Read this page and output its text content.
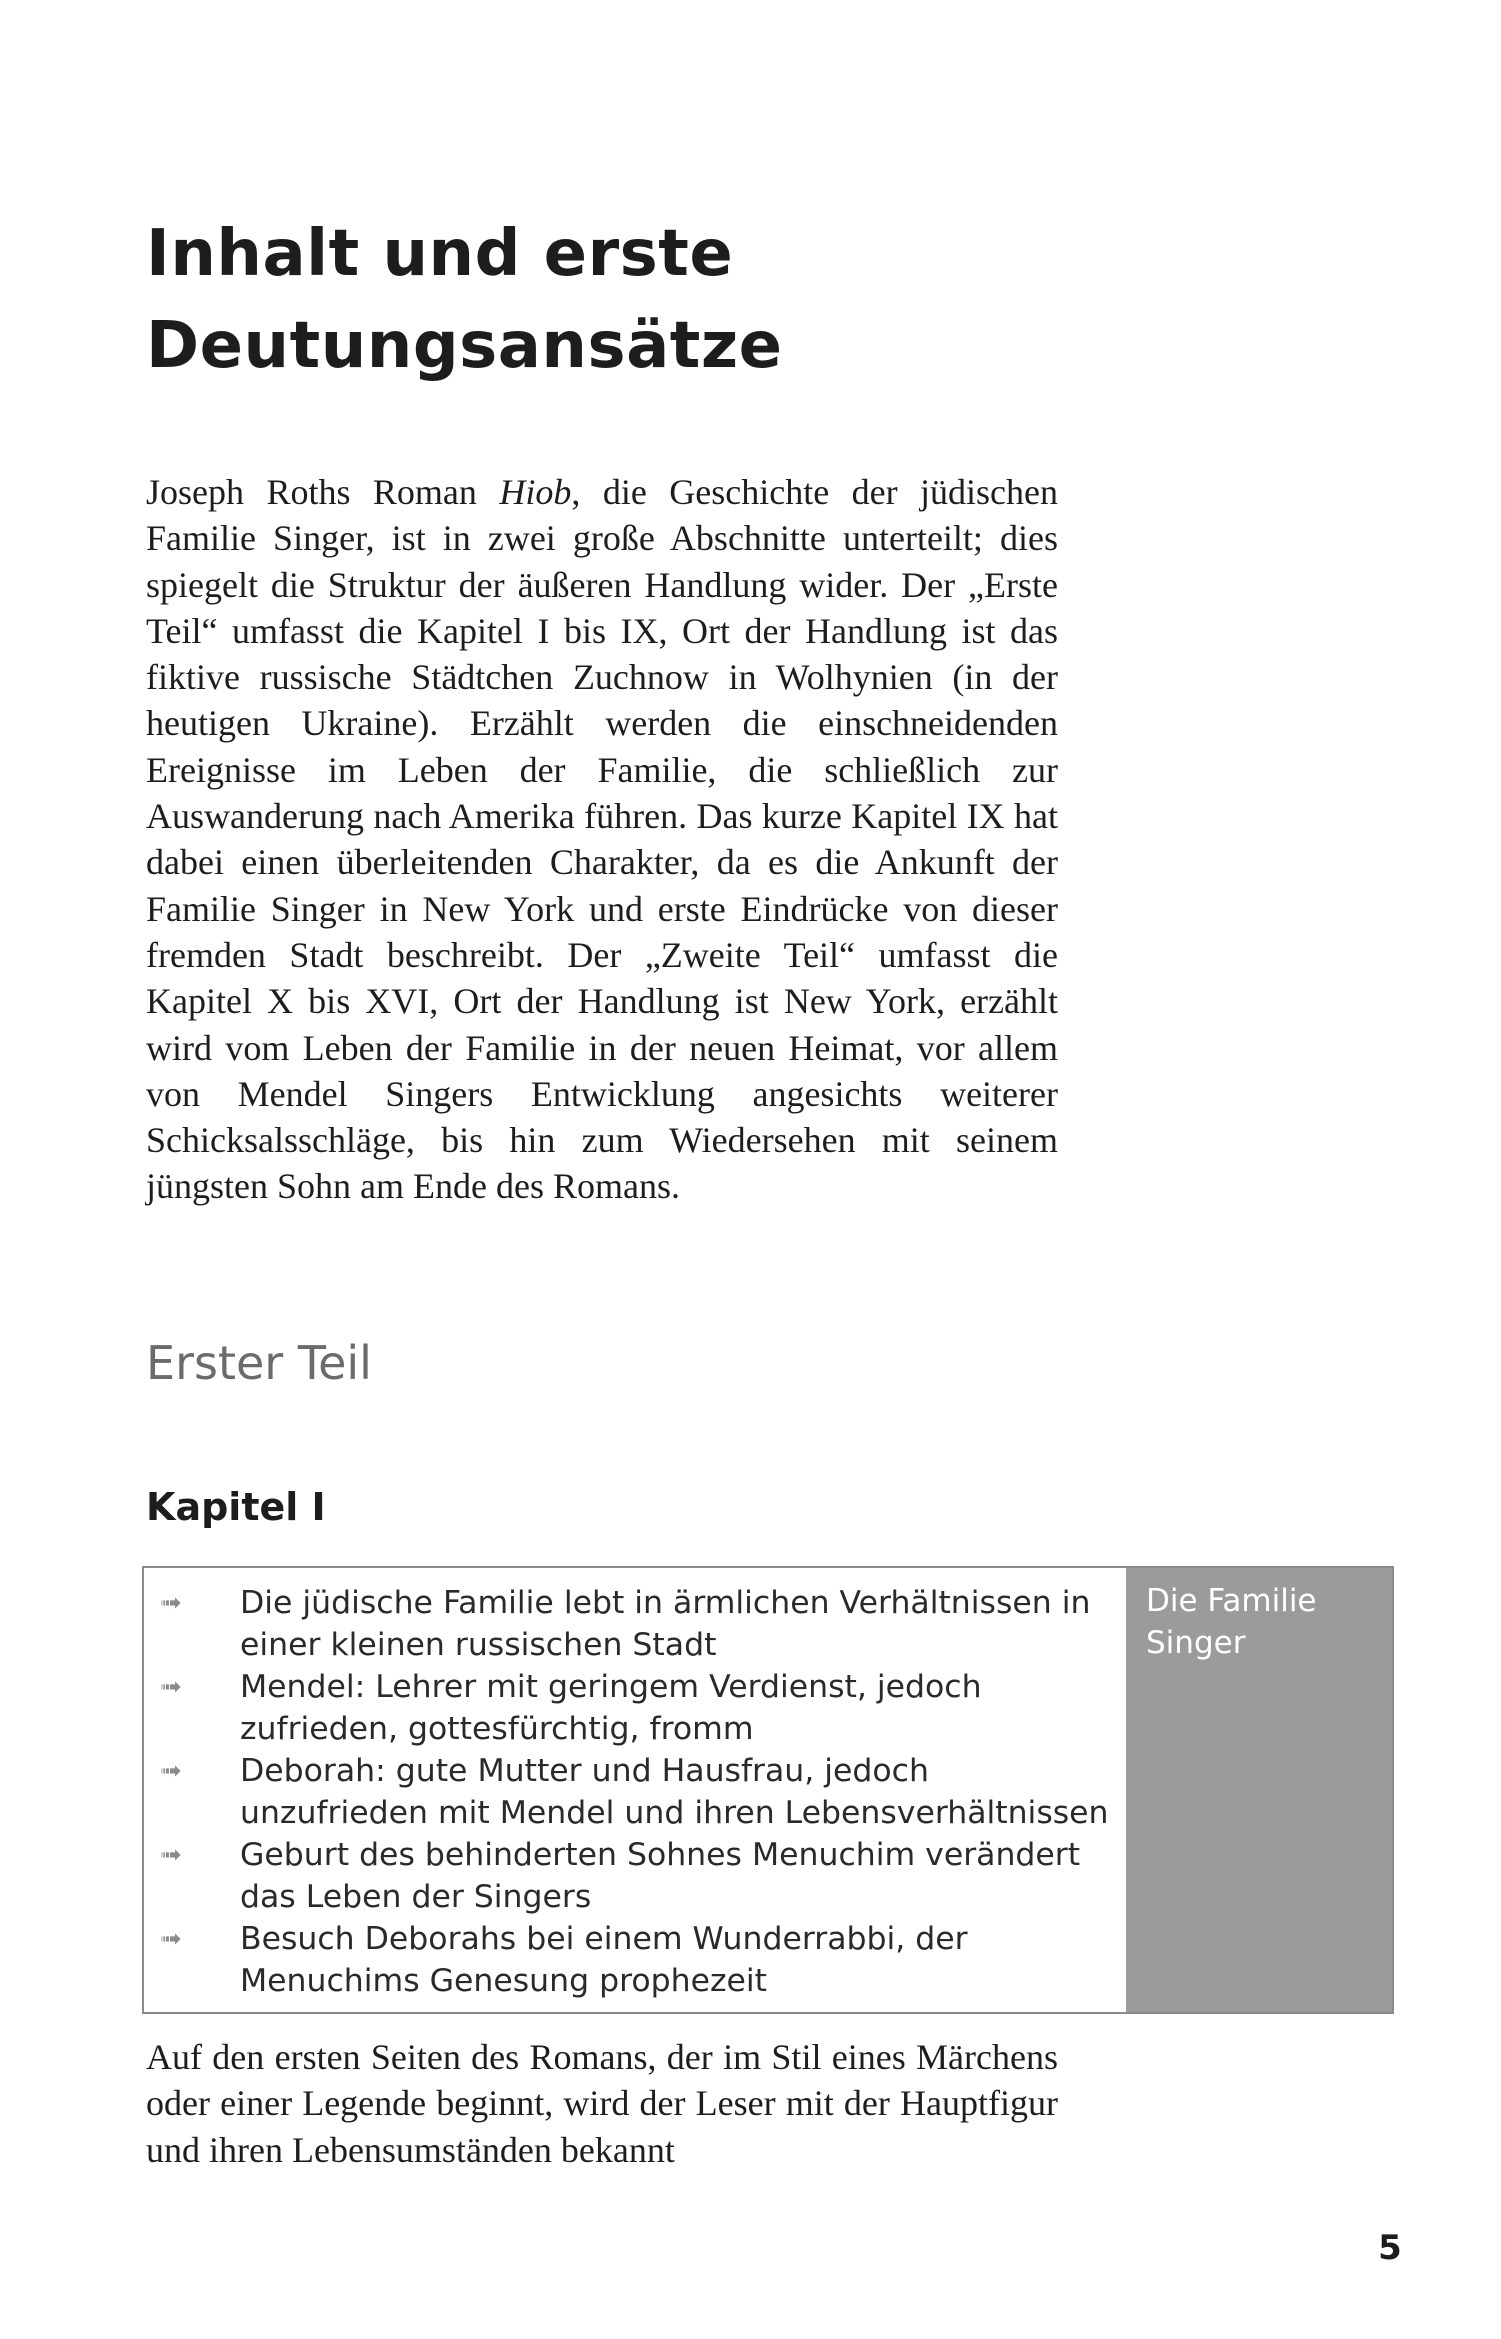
Inhalt und erste
Deutungsansätze

Joseph Roths Roman Hiob, die Geschichte der jüdischen Familie Singer, ist in zwei große Abschnitte unterteilt; dies spiegelt die Struktur der äußeren Handlung wider. Der „Erste Teil“ umfasst die Kapitel I bis IX, Ort der Handlung ist das fiktive russische Städtchen Zuchnow in Wolhynien (in der heutigen Ukraine). Erzählt werden die einschneidenden Ereignisse im Leben der Familie, die schließlich zur Auswanderung nach Amerika führen. Das kurze Kapitel IX hat dabei einen überleitenden Charakter, da es die Ankunft der Familie Singer in New York und erste Eindrücke von dieser fremden Stadt beschreibt. Der „Zweite Teil“ umfasst die Kapitel X bis XVI, Ort der Handlung ist New York, erzählt wird vom Leben der Familie in der neuen Heimat, vor allem von Mendel Singers Entwicklung angesichts weiterer Schicksalsschläge, bis hin zum Wiedersehen mit seinem jüngsten Sohn am Ende des Romans.

Erster Teil
Kapitel I
➟	Die jüdische Familie lebt in ärmlichen Verhältnissen in einer kleinen russischen Stadt
➟	Mendel: Lehrer mit geringem Verdienst, jedoch zufrieden, gottesfürchtig, fromm
➟	Deborah: gute Mutter und Hausfrau, jedoch unzufrieden mit Mendel und ihren Lebensverhältnissen
➟	Geburt des behinderten Sohnes Menuchim verändert das Leben der Singers
➟	Besuch Deborahs bei einem Wunderrabbi, der Menuchims Genesung prophezeit
Die Familie
Singer

Auf den ersten Seiten des Romans, der im Stil eines Märchens oder einer Legende beginnt, wird der Leser mit der Hauptfigur und ihren Lebensumständen bekannt

5
